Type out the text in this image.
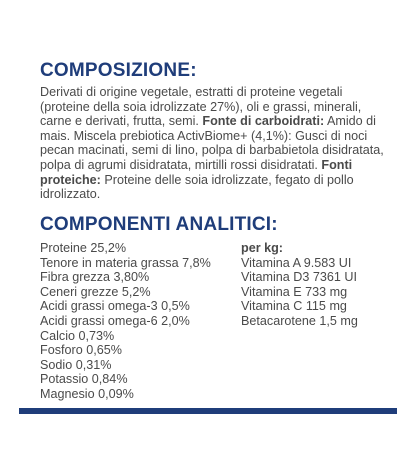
COMPOSIZIONE:

Derivati di origine vegetale, estratti di proteine vegetali (proteine della soia idrolizzate 27%), oli e grassi, minerali, carne e derivati, frutta, semi. Fonte di carboidrati: Amido di mais. Miscela prebiotica ActivBiome+ (4,1%): Gusci di noci pecan macinati, semi di lino, polpa di barbabietola disidratata, polpa di agrumi disidratata, mirtilli rossi disidratati. Fonti proteiche: Proteine delle soia idrolizzate, fegato di pollo idrolizzato.

COMPONENTI ANALITICI:
Proteine 25,2%
Tenore in materia grassa 7,8%
Fibra grezza 3,80%
Ceneri grezze 5,2%
Acidi grassi omega-3 0,5%
Acidi grassi omega-6 2,0%
Calcio 0,73%
Fosforo 0,65%
Sodio 0,31%
Potassio 0,84%
Magnesio 0,09%
per kg:
Vitamina A 9.583 UI
Vitamina D3 7361 UI
Vitamina E 733 mg
Vitamina C 115 mg
Betacarotene 1,5 mg
